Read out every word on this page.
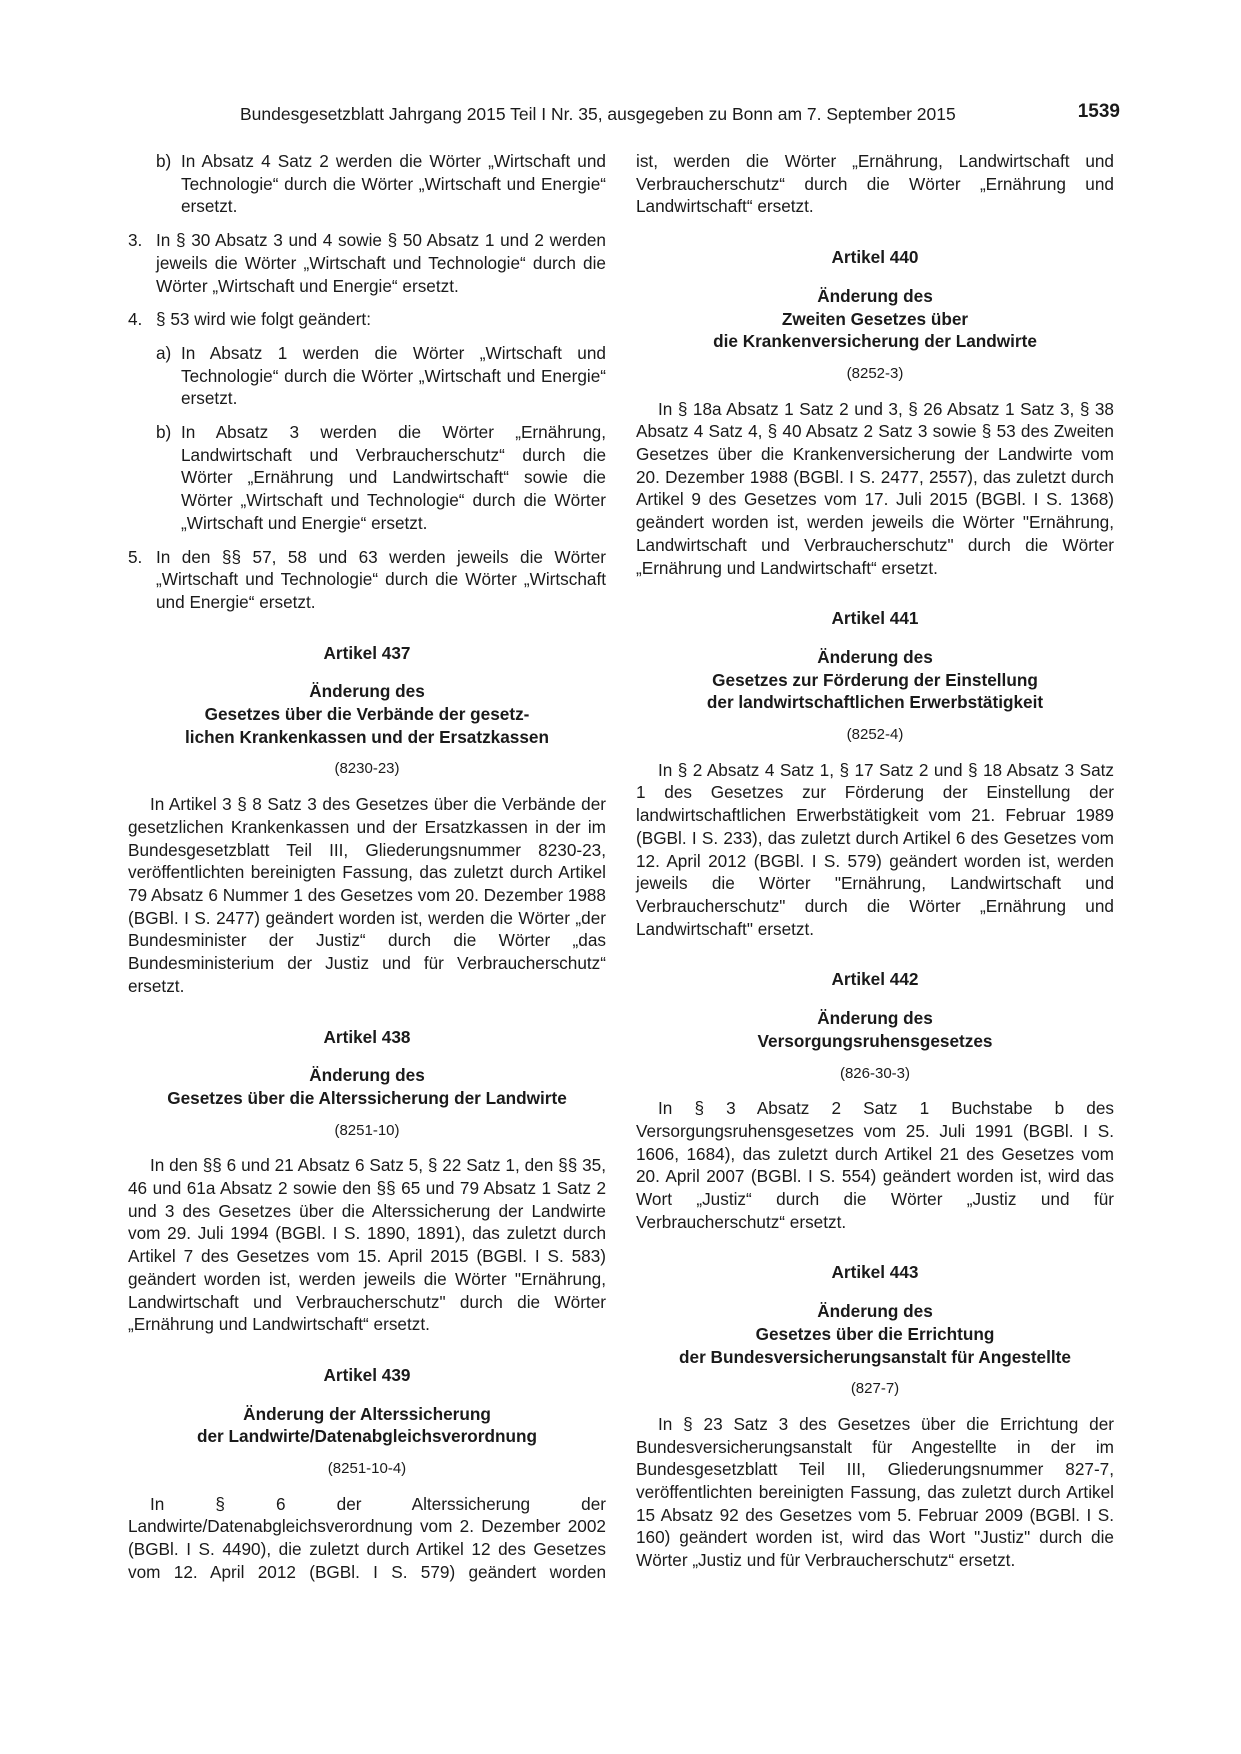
Bundesgesetzblatt Jahrgang 2015 Teil I Nr. 35, ausgegeben zu Bonn am 7. September 2015	1539
b) In Absatz 4 Satz 2 werden die Wörter „Wirtschaft und Technologie“ durch die Wörter „Wirtschaft und Energie“ ersetzt.
3. In § 30 Absatz 3 und 4 sowie § 50 Absatz 1 und 2 werden jeweils die Wörter „Wirtschaft und Technologie“ durch die Wörter „Wirtschaft und Energie“ ersetzt.
4. § 53 wird wie folgt geändert:
a) In Absatz 1 werden die Wörter „Wirtschaft und Technologie“ durch die Wörter „Wirtschaft und Energie“ ersetzt.
b) In Absatz 3 werden die Wörter „Ernährung, Landwirtschaft und Verbraucherschutz“ durch die Wörter „Ernährung und Landwirtschaft“ sowie die Wörter „Wirtschaft und Technologie“ durch die Wörter „Wirtschaft und Energie“ ersetzt.
5. In den §§ 57, 58 und 63 werden jeweils die Wörter „Wirtschaft und Technologie“ durch die Wörter „Wirtschaft und Energie“ ersetzt.
Artikel 437
Änderung des
Gesetzes über die Verbände der gesetz-
lichen Krankenkassen und der Ersatzkassen
(8230-23)

In Artikel 3 § 8 Satz 3 des Gesetzes über die Verbände der gesetzlichen Krankenkassen und der Ersatzkassen in der im Bundesgesetzblatt Teil III, Gliederungsnummer 8230-23, veröffentlichten bereinigten Fassung, das zuletzt durch Artikel 79 Absatz 6 Nummer 1 des Gesetzes vom 20. Dezember 1988 (BGBl. I S. 2477) geändert worden ist, werden die Wörter „der Bundesminister der Justiz“ durch die Wörter „das Bundesministerium der Justiz und für Verbraucherschutz“ ersetzt.

Artikel 438
Änderung des
Gesetzes über die Alterssicherung der Landwirte
(8251-10)

In den §§ 6 und 21 Absatz 6 Satz 5, § 22 Satz 1, den §§ 35, 46 und 61a Absatz 2 sowie den §§ 65 und 79 Absatz 1 Satz 2 und 3 des Gesetzes über die Alterssicherung der Landwirte vom 29. Juli 1994 (BGBl. I S. 1890, 1891), das zuletzt durch Artikel 7 des Gesetzes vom 15. April 2015 (BGBl. I S. 583) geändert worden ist, werden jeweils die Wörter "Ernährung, Landwirtschaft und Verbraucherschutz" durch die Wörter „Ernährung und Landwirtschaft“ ersetzt.

Artikel 439
Änderung der Alterssicherung
der Landwirte/Datenabgleichsverordnung
(8251-10-4)

In § 6 der Alterssicherung der Landwirte/Datenabgleichsverordnung vom 2. Dezember 2002 (BGBl. I S. 4490), die zuletzt durch Artikel 12 des Gesetzes vom 12. April 2012 (BGBl. I S. 579) geändert worden

ist, werden die Wörter „Ernährung, Landwirtschaft und Verbraucherschutz“ durch die Wörter „Ernährung und Landwirtschaft“ ersetzt.

Artikel 440
Änderung des
Zweiten Gesetzes über
die Krankenversicherung der Landwirte
(8252-3)

In § 18a Absatz 1 Satz 2 und 3, § 26 Absatz 1 Satz 3, § 38 Absatz 4 Satz 4, § 40 Absatz 2 Satz 3 sowie § 53 des Zweiten Gesetzes über die Krankenversicherung der Landwirte vom 20. Dezember 1988 (BGBl. I S. 2477, 2557), das zuletzt durch Artikel 9 des Gesetzes vom 17. Juli 2015 (BGBl. I S. 1368) geändert worden ist, werden jeweils die Wörter "Ernährung, Landwirtschaft und Verbraucherschutz" durch die Wörter „Ernährung und Landwirtschaft“ ersetzt.

Artikel 441
Änderung des
Gesetzes zur Förderung der Einstellung
der landwirtschaftlichen Erwerbstätigkeit
(8252-4)

In § 2 Absatz 4 Satz 1, § 17 Satz 2 und § 18 Absatz 3 Satz 1 des Gesetzes zur Förderung der Einstellung der landwirtschaftlichen Erwerbstätigkeit vom 21. Februar 1989 (BGBl. I S. 233), das zuletzt durch Artikel 6 des Gesetzes vom 12. April 2012 (BGBl. I S. 579) geändert worden ist, werden jeweils die Wörter "Ernährung, Landwirtschaft und Verbraucherschutz" durch die Wörter „Ernährung und Landwirtschaft" ersetzt.

Artikel 442
Änderung des
Versorgungsruhensgesetzes
(826-30-3)

In § 3 Absatz 2 Satz 1 Buchstabe b des Versorgungsruhensgesetzes vom 25. Juli 1991 (BGBl. I S. 1606, 1684), das zuletzt durch Artikel 21 des Gesetzes vom 20. April 2007 (BGBl. I S. 554) geändert worden ist, wird das Wort „Justiz“ durch die Wörter „Justiz und für Verbraucherschutz“ ersetzt.

Artikel 443
Änderung des
Gesetzes über die Errichtung
der Bundesversicherungsanstalt für Angestellte
(827-7)

In § 23 Satz 3 des Gesetzes über die Errichtung der Bundesversicherungsanstalt für Angestellte in der im Bundesgesetzblatt Teil III, Gliederungsnummer 827-7, veröffentlichten bereinigten Fassung, das zuletzt durch Artikel 15 Absatz 92 des Gesetzes vom 5. Februar 2009 (BGBl. I S. 160) geändert worden ist, wird das Wort "Justiz" durch die Wörter „Justiz und für Verbraucherschutz“ ersetzt.
